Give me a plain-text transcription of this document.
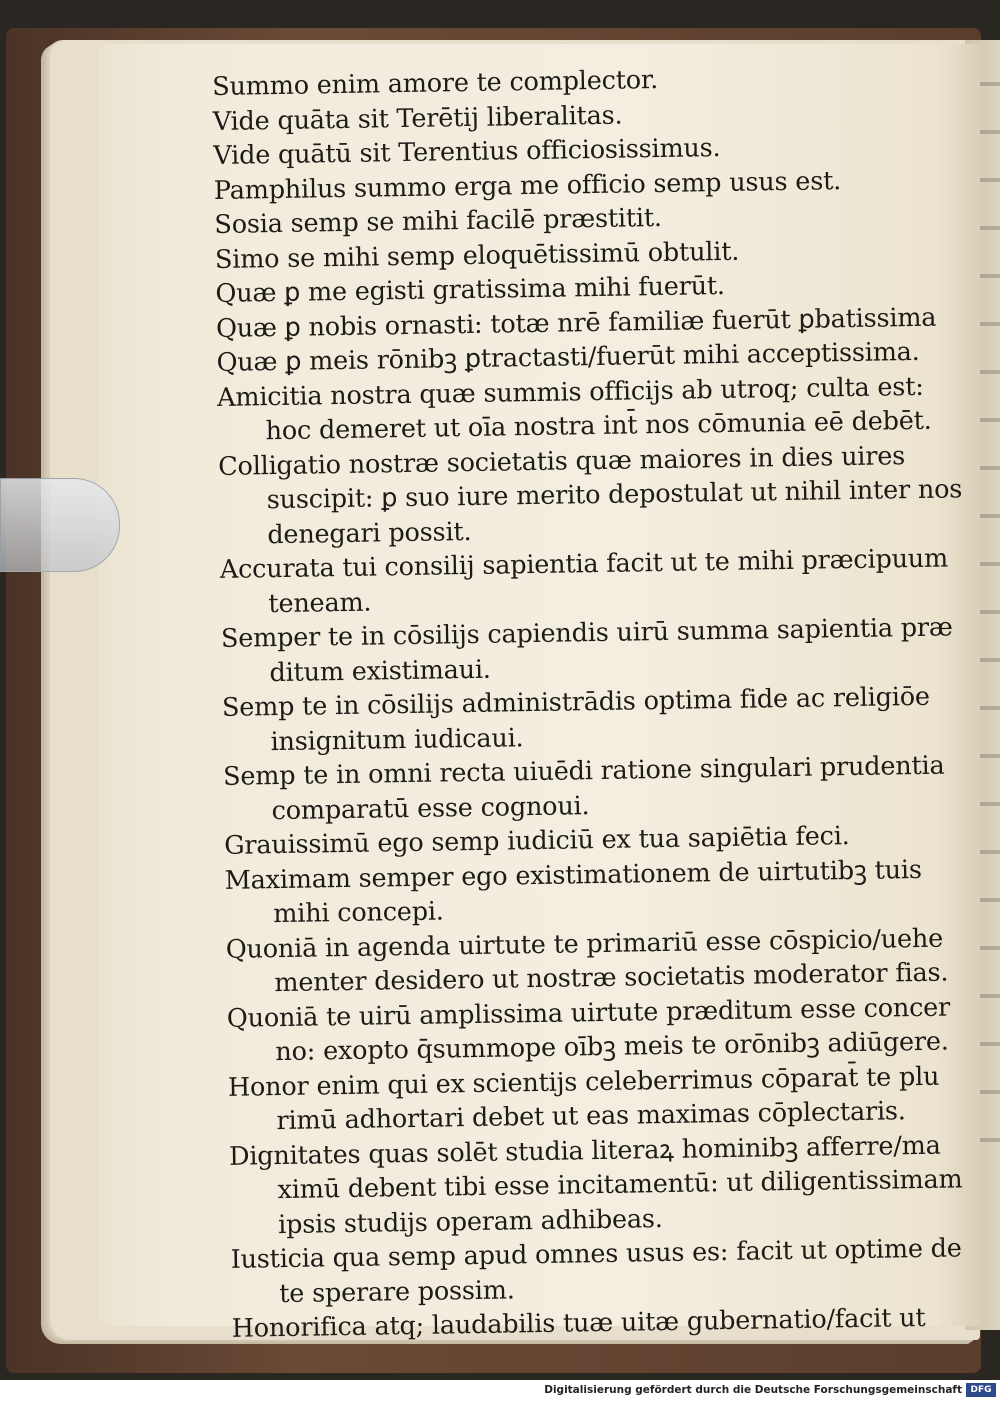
Summo enim amore te complector.
Vide quāta sit Terētij liberalitas.
Vide quātū sit Terentius officiosissimus.
Pamphilus summo erga me officio semp usus est.
Sosia semp se mihi facilē præstitit.
Simo se mihi semp eloquētissimū obtulit.
Quæ ꝑ me egisti gratissima mihi fuerūt.
Quæ ꝑ nobis ornasti: totæ nrē familiæ fuerūt ꝑbatissima
Quæ ꝑ meis rōnibꝫ ꝑtractasti/fuerūt mihi acceptissima.
Amicitia nostra quæ summis officijs ab utroq; culta est:
hoc demeret ut oīa nostra int̄ nos cōmunia eē debēt.
Colligatio nostræ societatis quæ maiores in dies uires
suscipit: ꝑ suo iure merito depostulat ut nihil inter nos
denegari possit.
Accurata tui consilij sapientia facit ut te mihi præcipuum
teneam.
Semper te in cōsilijs capiendis uirū summa sapientia præ
ditum existimaui.
Semp te in cōsilijs administrādis optima fide ac religiōe
insignitum iudicaui.
Semp te in omni recta uiuēdi ratione singulari prudentia
comparatū esse cognoui.
Grauissimū ego semp iudiciū ex tua sapiētia feci.
Maximam semper ego existimationem de uirtutibꝫ tuis
mihi concepi.
Quoniā in agenda uirtute te primariū esse cōspicio/uehe
menter desidero ut nostræ societatis moderator fias.
Quoniā te uirū amplissima uirtute præditum esse concer
no: exopto q̄summope oībꝫ meis te orōnibꝫ adiūgere.
Honor enim qui ex scientijs celeberrimus cōparat̄ te plu
rimū adhortari debet ut eas maximas cōplectaris.
Dignitates quas solēt studia literaꝝ hominibꝫ afferre/ma
ximū debent tibi esse incitamentū: ut diligentissimam
ipsis studijs operam adhibeas.
Iusticia qua semp apud omnes usus es: facit ut optime de
te sperare possim.
Honorifica atq; laudabilis tuæ uitæ gubernatio/facit ut
Digitalisierung gefördert durch die Deutsche Forschungsgemeinschaft DFG
